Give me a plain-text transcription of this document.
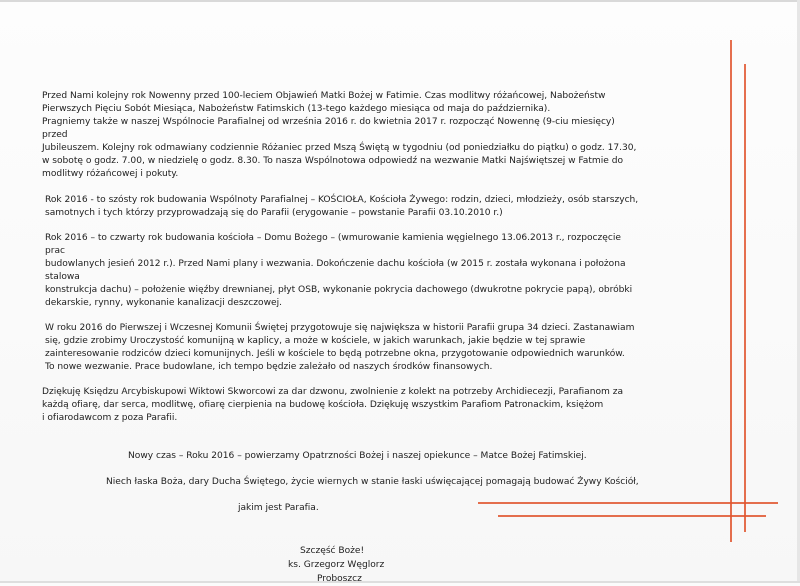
Przed Nami kolejny rok Nowenny przed 100-leciem Objawień Matki Bożej w Fatimie. Czas modlitwy różańcowej, Nabożeństw
Pierwszych Pięciu Sobót Miesiąca, Nabożeństw Fatimskich (13-tego każdego miesiąca od maja do października).
Pragniemy także w naszej Wspólnocie Parafialnej od września 2016 r. do kwietnia 2017 r. rozpocząć Nowennę (9-ciu miesięcy) przed
Jubileuszem. Kolejny rok odmawiany codziennie Różaniec przed Mszą Świętą w tygodniu (od poniedziałku do piątku) o godz. 17.30,
w sobotę o godz. 7.00, w niedzielę o godz. 8.30. To nasza Wspólnotowa odpowiedź na wezwanie Matki Najświętszej w Fatmie do
modlitwy różańcowej i pokuty.

Rok 2016 - to szósty rok budowania Wspólnoty Parafialnej – KOŚCIOŁA, Kościoła Żywego: rodzin, dzieci, młodzieży, osób starszych,
samotnych i tych którzy przyprowadzają się do Parafii (erygowanie – powstanie Parafii 03.10.2010 r.)

Rok 2016 – to czwarty rok budowania kościoła – Domu Bożego – (wmurowanie kamienia węgielnego 13.06.2013 r., rozpoczęcie prac
budowlanych jesień 2012 r.). Przed Nami plany i wezwania. Dokończenie dachu kościoła (w 2015 r. została wykonana i położona stalowa
konstrukcja dachu) – położenie więźby drewnianej, płyt OSB, wykonanie pokrycia dachowego (dwukrotne pokrycie papą), obróbki
dekarskie, rynny, wykonanie kanalizacji deszczowej.

W roku 2016 do Pierwszej i Wczesnej Komunii Świętej przygotowuje się największa w historii Parafii grupa 34 dzieci. Zastanawiam
się, gdzie zrobimy Uroczystość komunijną w kaplicy, a może w kościele, w jakich warunkach, jakie będzie w tej sprawie
zainteresowanie rodziców dzieci komunijnych. Jeśli w kościele to będą potrzebne okna, przygotowanie odpowiednich warunków.
To nowe wezwanie. Prace budowlane, ich tempo będzie zależało od naszych środków finansowych.

Dziękuję Księdzu Arcybiskupowi Wiktowi Skworcowi za dar dzwonu, zwolnienie z kolekt na potrzeby Archidiecezji, Parafianom za
każdą ofiarę, dar serca, modlitwę, ofiarę cierpienia na budowę kościoła. Dziękuję wszystkim Parafiom Patronackim, księżom
i ofiarodawcom z poza Parafii.

Nowy czas – Roku 2016 – powierzamy Opatrzności Bożej i naszej opiekunce – Matce Bożej Fatimskiej.

Niech łaska Boża, dary Ducha Świętego, życie wiernych w stanie łaski uświęcającej pomagają budować Żywy Kościół,

jakim jest Parafia.

Szczęść Boże!
ks. Grzegorz Węglorz
Proboszcz
